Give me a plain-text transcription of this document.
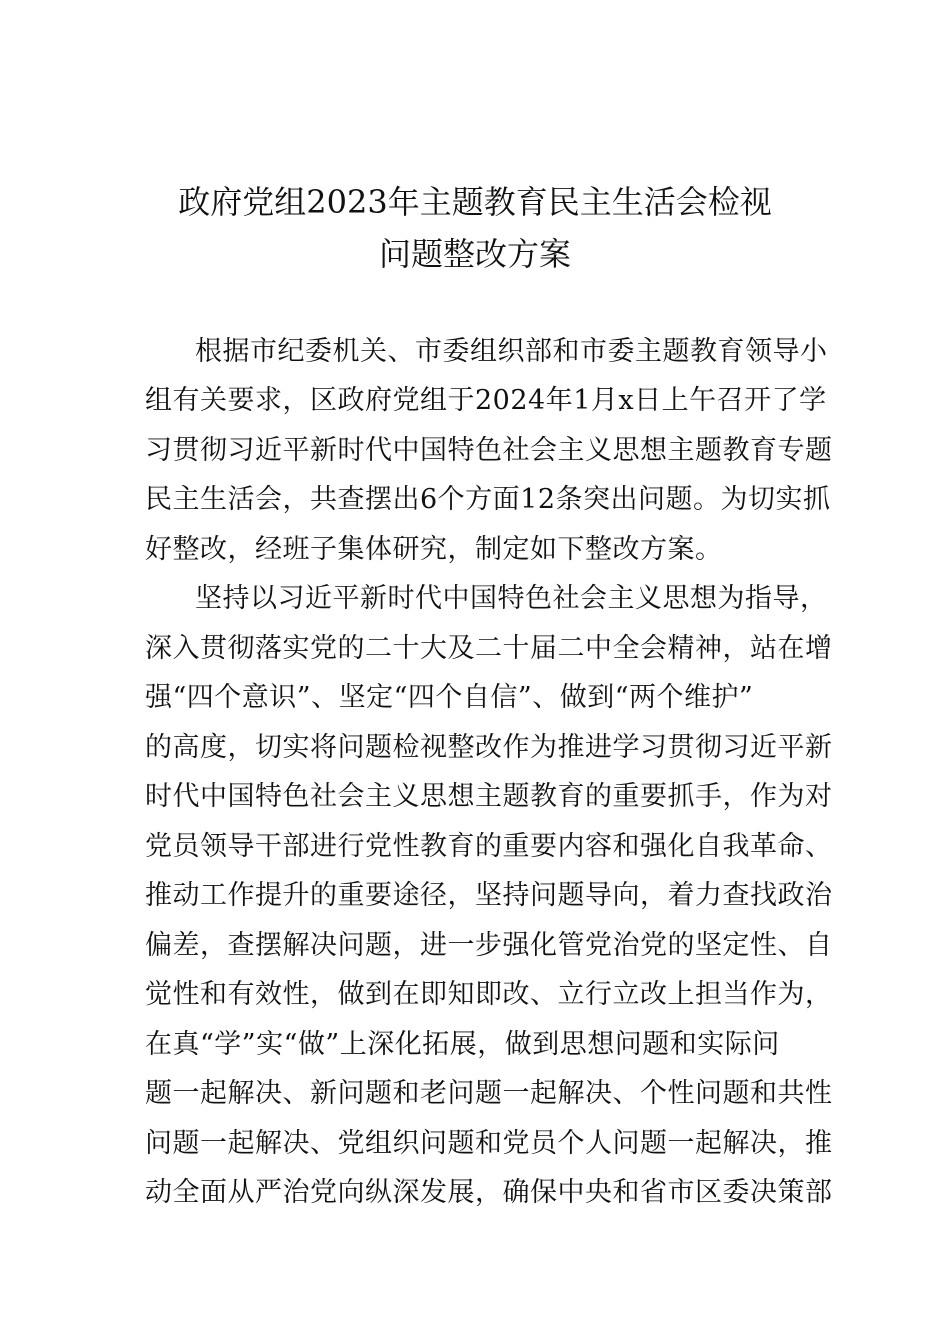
政府党组2023年主题教育民主生活会检视
问题整改方案
根据市纪委机关、市委组织部和市委主题教育领导小
组有关要求，区政府党组于2024年1月x日上午召开了学
习贯彻习近平新时代中国特色社会主义思想主题教育专题
民主生活会，共查摆出6个方面12条突出问题。为切实抓
好整改，经班子集体研究，制定如下整改方案。
坚持以习近平新时代中国特色社会主义思想为指导，
深入贯彻落实党的二十大及二十届二中全会精神，站在增
强“四个意识”、坚定“四个自信”、做到“两个维护”
的高度，切实将问题检视整改作为推进学习贯彻习近平新
时代中国特色社会主义思想主题教育的重要抓手，作为对
党员领导干部进行党性教育的重要内容和强化自我革命、
推动工作提升的重要途径，坚持问题导向，着力查找政治
偏差，查摆解决问题，进一步强化管党治党的坚定性、自
觉性和有效性，做到在即知即改、立行立改上担当作为，
在真“学”实“做”上深化拓展，做到思想问题和实际问
题一起解决、新问题和老问题一起解决、个性问题和共性
问题一起解决、党组织问题和党员个人问题一起解决，推
动全面从严治党向纵深发展，确保中央和省市区委决策部
